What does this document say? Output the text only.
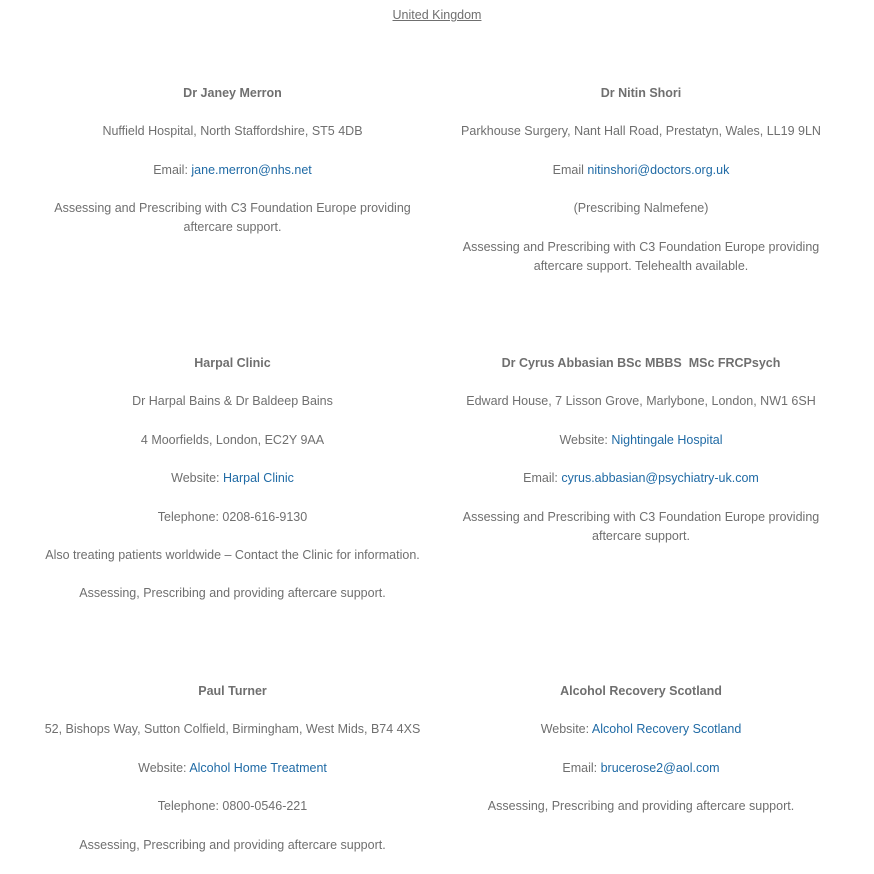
United Kingdom

Dr Janey Merron

Nuffield Hospital, North Staffordshire, ST5 4DB

Email: jane.merron@nhs.net

Assessing and Prescribing with C3 Foundation Europe providing aftercare support.

Dr Nitin Shori

Parkhouse Surgery, Nant Hall Road, Prestatyn, Wales, LL19 9LN

Email nitinshori@doctors.org.uk

(Prescribing Nalmefene)

Assessing and Prescribing with C3 Foundation Europe providing aftercare support. Telehealth available.

Harpal Clinic

Dr Harpal Bains & Dr Baldeep Bains

4 Moorfields, London, EC2Y 9AA

Website: Harpal Clinic

Telephone: 0208-616-9130

Also treating patients worldwide – Contact the Clinic for information.

Assessing, Prescribing and providing aftercare support.

Dr Cyrus Abbasian BSc MBBS  MSc FRCPsych

Edward House, 7 Lisson Grove, Marlybone, London, NW1 6SH

Website: Nightingale Hospital

Email: cyrus.abbasian@psychiatry-uk.com

Assessing and Prescribing with C3 Foundation Europe providing aftercare support.

Paul Turner

52, Bishops Way, Sutton Colfield, Birmingham, West Mids, B74 4XS

Website: Alcohol Home Treatment

Telephone: 0800-0546-221

Assessing, Prescribing and providing aftercare support.

Alcohol Recovery Scotland

Website: Alcohol Recovery Scotland

Email: brucerose2@aol.com

Assessing, Prescribing and providing aftercare support.
